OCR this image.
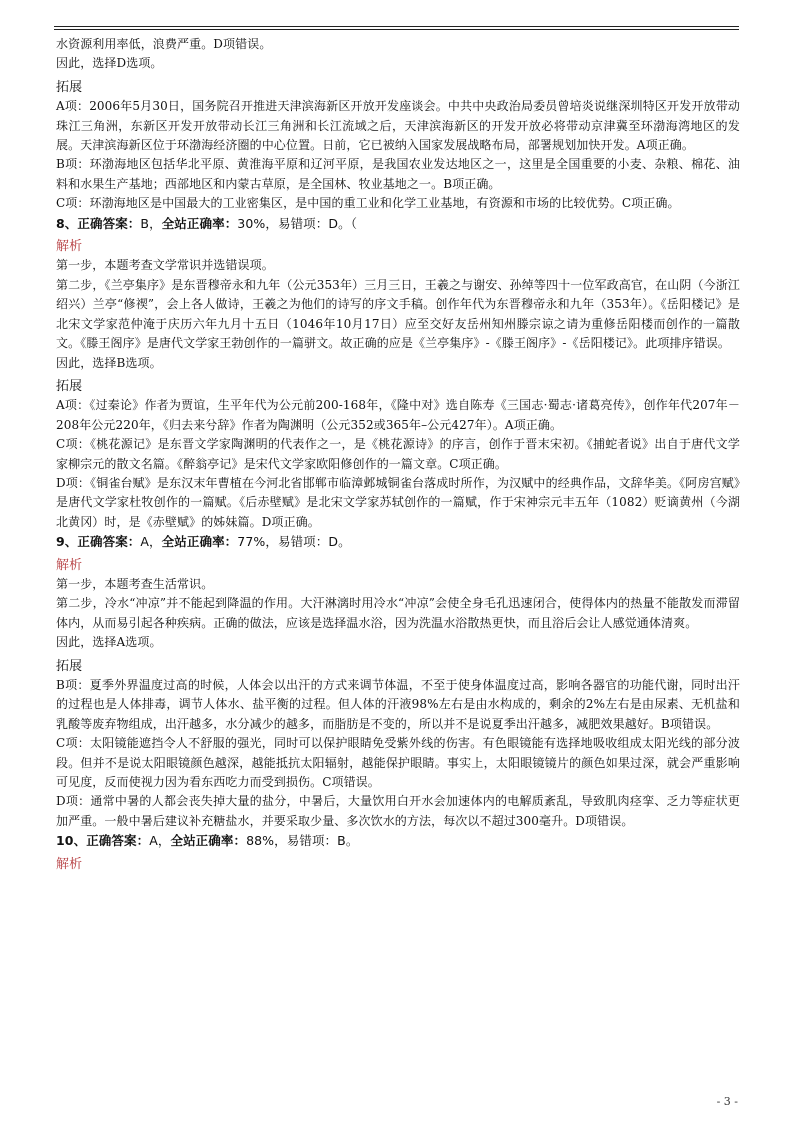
水资源利用率低，浪费严重。D项错误。

因此，选择D选项。

拓展

A项：2006年5月30日，国务院召开推进天津滨海新区开放开发座谈会。中共中央政治局委员曾培炎说继深圳特区开发开放带动珠江三角洲，东新区开发开放带动长江三角洲和长江流域之后，天津滨海新区的开发开放必将带动京津冀至环渤海湾地区的发展。天津滨海新区位于环渤海经济圈的中心位置。日前，它已被纳入国家发展战略布局，部署规划加快开发。A项正确。

B项：环渤海地区包括华北平原、黄淮海平原和辽河平原，是我国农业发达地区之一，这里是全国重要的小麦、杂粮、棉花、油料和水果生产基地；西部地区和内蒙古草原，是全国林、牧业基地之一。B项正确。

C项：环渤海地区是中国最大的工业密集区，是中国的重工业和化学工业基地，有资源和市场的比较优势。C项正确。

8、正确答案：B，全站正确率：30%，易错项：D。（

解析

第一步，本题考查文学常识并选错误项。

第二步，《兰亭集序》是东晋穆帝永和九年（公元353年）三月三日，王羲之与谢安、孙绰等四十一位军政高官，在山阴（今浙江绍兴）兰亭“修禊”，会上各人做诗，王羲之为他们的诗写的序文手稿。创作年代为东晋穆帝永和九年（353年）。《岳阳楼记》是北宋文学家范仲淹于庆历六年九月十五日（1046年10月17日）应至交好友岳州知州滕宗谅之请为重修岳阳楼而创作的一篇散文。《滕王阁序》是唐代文学家王勃创作的一篇骈文。故正确的应是《兰亭集序》-《滕王阁序》-《岳阳楼记》。此项排序错误。

因此，选择B选项。

拓展

A项：《过秦论》作者为贾谊，生平年代为公元前200-168年，《隆中对》选自陈寿《三国志·蜀志·诸葛亮传》，创作年代207年－208年公元220年，《归去来兮辞》作者为陶渊明（公元352或365年–公元427年）。A项正确。

C项：《桃花源记》是东晋文学家陶渊明的代表作之一，是《桃花源诗》的序言，创作于晋末宋初。《捕蛇者说》出自于唐代文学家柳宗元的散文名篇。《醉翁亭记》是宋代文学家欧阳修创作的一篇文章。C项正确。

D项：《铜雀台赋》是东汉末年曹植在今河北省邯郸市临漳邺城铜雀台落成时所作，为汉赋中的经典作品，文辞华美。《阿房宫赋》是唐代文学家杜牧创作的一篇赋。《后赤壁赋》是北宋文学家苏轼创作的一篇赋，作于宋神宗元丰五年（1082）贬谪黄州（今湖北黄冈）时，是《赤壁赋》的姊妹篇。D项正确。

9、正确答案：A，全站正确率：77%，易错项：D。

解析

第一步，本题考查生活常识。

第二步，冷水“冲凉”并不能起到降温的作用。大汗淋漓时用冷水“冲凉”会使全身毛孔迅速闭合，使得体内的热量不能散发而滞留体内，从而易引起各种疾病。正确的做法，应该是选择温水浴，因为洗温水浴散热更快，而且浴后会让人感觉通体清爽。

因此，选择A选项。

拓展

B项：夏季外界温度过高的时候，人体会以出汗的方式来调节体温，不至于使身体温度过高，影响各器官的功能代谢，同时出汗的过程也是人体排毒，调节人体水、盐平衡的过程。但人体的汗液98%左右是由水构成的，剩余的2%左右是由尿素、无机盐和乳酸等废弃物组成，出汗越多，水分减少的越多，而脂肪是不变的，所以并不是说夏季出汗越多，减肥效果越好。B项错误。

C项：太阳镜能遮挡令人不舒服的强光，同时可以保护眼睛免受紫外线的伤害。有色眼镜能有选择地吸收组成太阳光线的部分波段。但并不是说太阳眼镜颜色越深，越能抵抗太阳辐射，越能保护眼睛。事实上，太阳眼镜镜片的颜色如果过深，就会严重影响可见度，反而使视力因为看东西吃力而受到损伤。C项错误。

D项：通常中暑的人都会丧失掉大量的盐分，中暑后，大量饮用白开水会加速体内的电解质紊乱，导致肌肉痉挛、乏力等症状更加严重。一般中暑后建议补充糖盐水，并要采取少量、多次饮水的方法，每次以不超过300毫升。D项错误。

10、正确答案：A，全站正确率：88%，易错项：B。

解析

- 3 -
